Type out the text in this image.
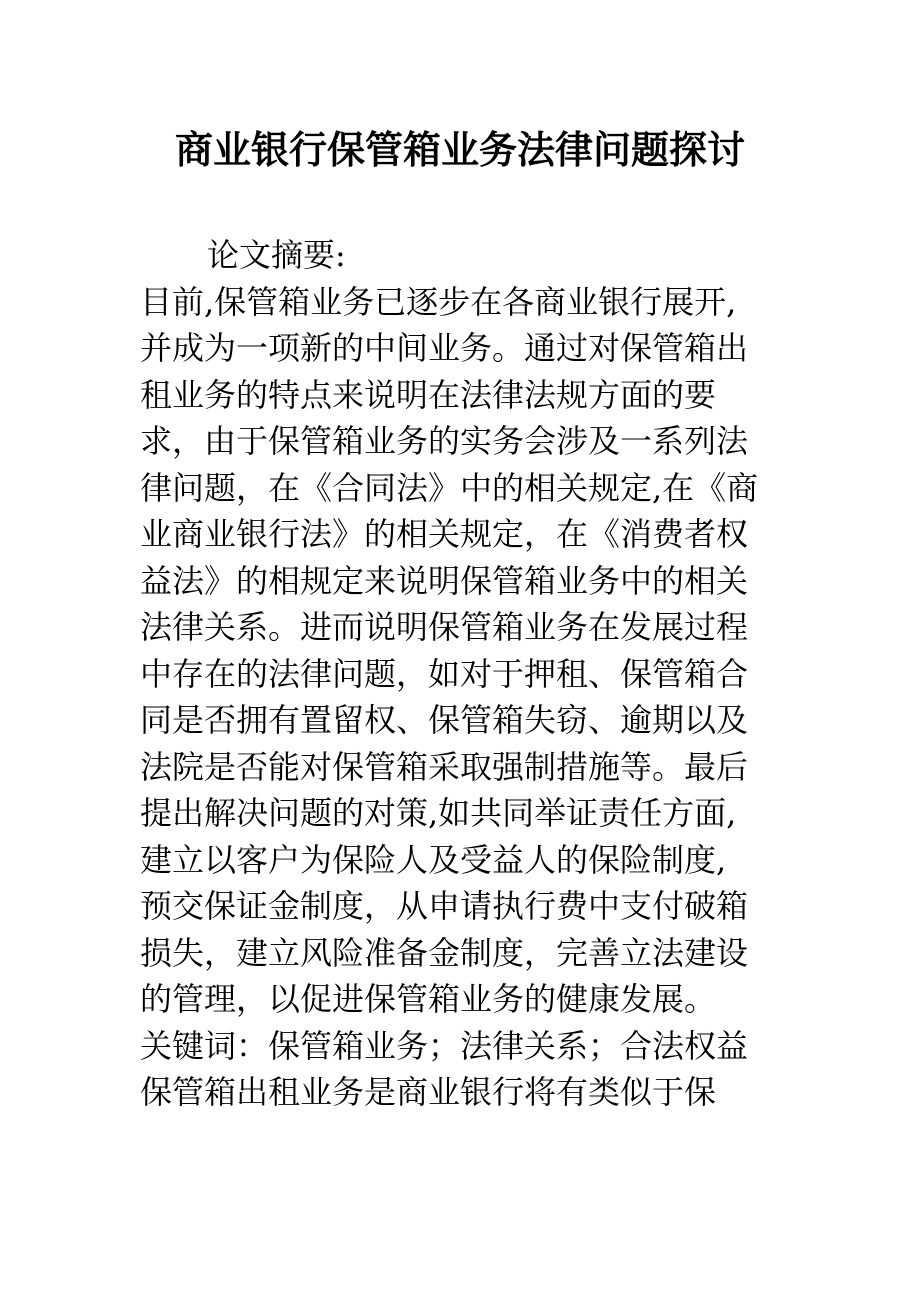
商业银行保管箱业务法律问题探讨
论文摘要:
目前,保管箱业务已逐步在各商业银行展开,
并成为一项新的中间业务。通过对保管箱出
租业务的特点来说明在法律法规方面的要
求，由于保管箱业务的实务会涉及一系列法
律问题，在《合同法》中的相关规定,在《商
业商业银行法》的相关规定，在《消费者权
益法》的相规定来说明保管箱业务中的相关
法律关系。进而说明保管箱业务在发展过程
中存在的法律问题，如对于押租、保管箱合
同是否拥有置留权、保管箱失窃、逾期以及
法院是否能对保管箱采取强制措施等。最后
提出解决问题的对策,如共同举证责任方面,
建立以客户为保险人及受益人的保险制度,
预交保证金制度，从申请执行费中支付破箱
损失，建立风险准备金制度，完善立法建设
的管理，以促进保管箱业务的健康发展。
关键词：保管箱业务；法律关系；合法权益
保管箱出租业务是商业银行将有类似于保
